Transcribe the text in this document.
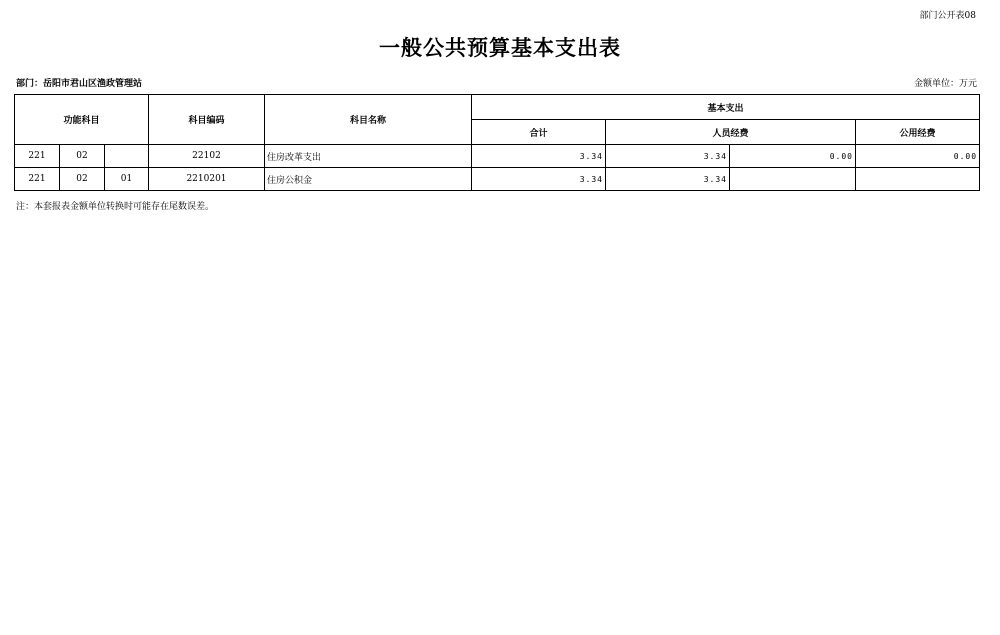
部门公开表08
一般公共预算基本支出表
部门：岳阳市君山区渔政管理站	金额单位：万元
功能科目			科目编码	科目名称	基本支出			
					合计	人员经费		公用经费
221	02		22102	住房改革支出	3.34	3.34	0.00	0.00
221	02	01	2210201	住房公积金	3.34	3.34		
注：本套报表金额单位转换时可能存在尾数误差。
